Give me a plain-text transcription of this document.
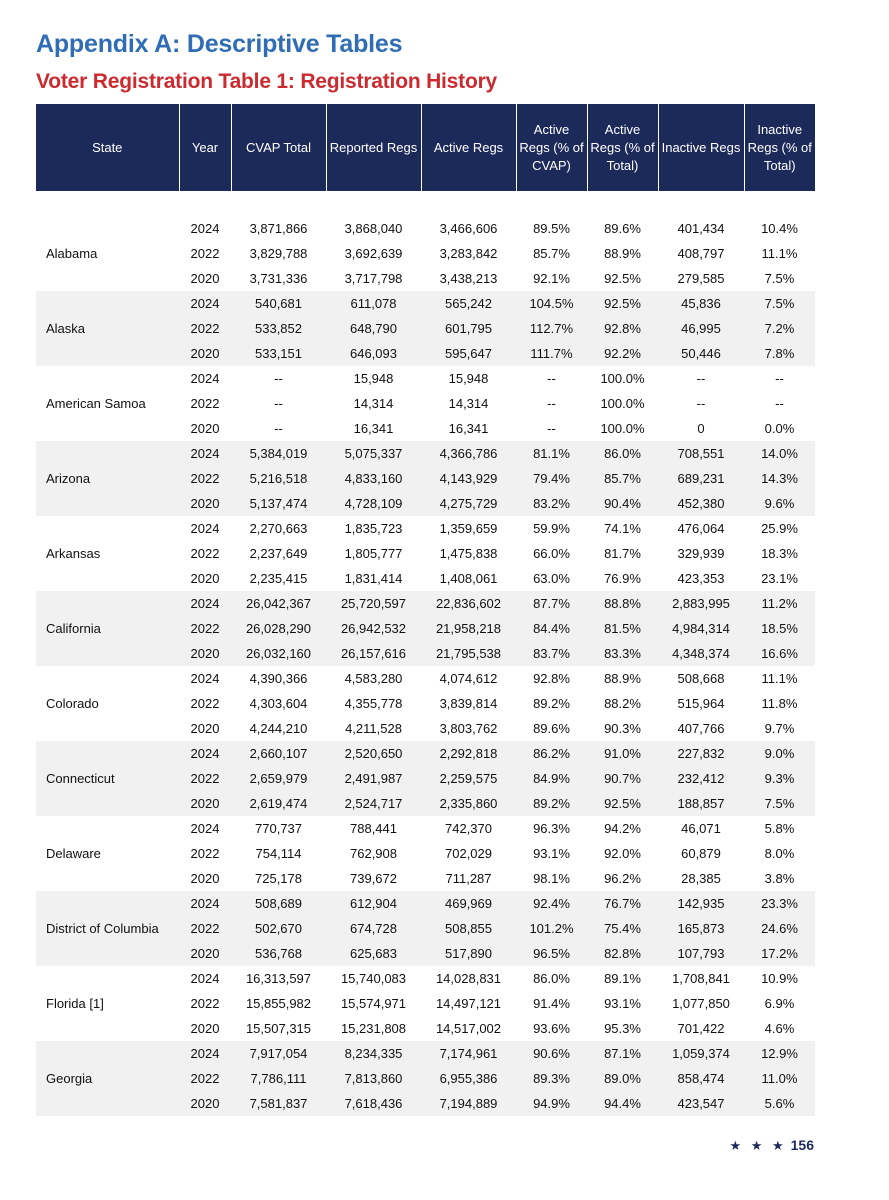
Appendix A: Descriptive Tables
Voter Registration Table 1: Registration History
State	Year	CVAP Total	Reported Regs	Active Regs	Active Regs (% of CVAP)	Active Regs (% of Total)	Inactive Regs	Inactive Regs (% of Total)

Alabama	2024	3,871,866	3,868,040	3,466,606	89.5%	89.6%	401,434	10.4%
	2022	3,829,788	3,692,639	3,283,842	85.7%	88.9%	408,797	11.1%
	2020	3,731,336	3,717,798	3,438,213	92.1%	92.5%	279,585	7.5%
Alaska	2024	540,681	611,078	565,242	104.5%	92.5%	45,836	7.5%
	2022	533,852	648,790	601,795	112.7%	92.8%	46,995	7.2%
	2020	533,151	646,093	595,647	111.7%	92.2%	50,446	7.8%
American Samoa	2024	--	15,948	15,948	--	100.0%	--	--
	2022	--	14,314	14,314	--	100.0%	--	--
	2020	--	16,341	16,341	--	100.0%	0	0.0%
Arizona	2024	5,384,019	5,075,337	4,366,786	81.1%	86.0%	708,551	14.0%
	2022	5,216,518	4,833,160	4,143,929	79.4%	85.7%	689,231	14.3%
	2020	5,137,474	4,728,109	4,275,729	83.2%	90.4%	452,380	9.6%
Arkansas	2024	2,270,663	1,835,723	1,359,659	59.9%	74.1%	476,064	25.9%
	2022	2,237,649	1,805,777	1,475,838	66.0%	81.7%	329,939	18.3%
	2020	2,235,415	1,831,414	1,408,061	63.0%	76.9%	423,353	23.1%
California	2024	26,042,367	25,720,597	22,836,602	87.7%	88.8%	2,883,995	11.2%
	2022	26,028,290	26,942,532	21,958,218	84.4%	81.5%	4,984,314	18.5%
	2020	26,032,160	26,157,616	21,795,538	83.7%	83.3%	4,348,374	16.6%
Colorado	2024	4,390,366	4,583,280	4,074,612	92.8%	88.9%	508,668	11.1%
	2022	4,303,604	4,355,778	3,839,814	89.2%	88.2%	515,964	11.8%
	2020	4,244,210	4,211,528	3,803,762	89.6%	90.3%	407,766	9.7%
Connecticut	2024	2,660,107	2,520,650	2,292,818	86.2%	91.0%	227,832	9.0%
	2022	2,659,979	2,491,987	2,259,575	84.9%	90.7%	232,412	9.3%
	2020	2,619,474	2,524,717	2,335,860	89.2%	92.5%	188,857	7.5%
Delaware	2024	770,737	788,441	742,370	96.3%	94.2%	46,071	5.8%
	2022	754,114	762,908	702,029	93.1%	92.0%	60,879	8.0%
	2020	725,178	739,672	711,287	98.1%	96.2%	28,385	3.8%
District of Columbia	2024	508,689	612,904	469,969	92.4%	76.7%	142,935	23.3%
	2022	502,670	674,728	508,855	101.2%	75.4%	165,873	24.6%
	2020	536,768	625,683	517,890	96.5%	82.8%	107,793	17.2%
Florida [1]	2024	16,313,597	15,740,083	14,028,831	86.0%	89.1%	1,708,841	10.9%
	2022	15,855,982	15,574,971	14,497,121	91.4%	93.1%	1,077,850	6.9%
	2020	15,507,315	15,231,808	14,517,002	93.6%	95.3%	701,422	4.6%
Georgia	2024	7,917,054	8,234,335	7,174,961	90.6%	87.1%	1,059,374	12.9%
	2022	7,786,111	7,813,860	6,955,386	89.3%	89.0%	858,474	11.0%
	2020	7,581,837	7,618,436	7,194,889	94.9%	94.4%	423,547	5.6%
★ ★ ★ 156
